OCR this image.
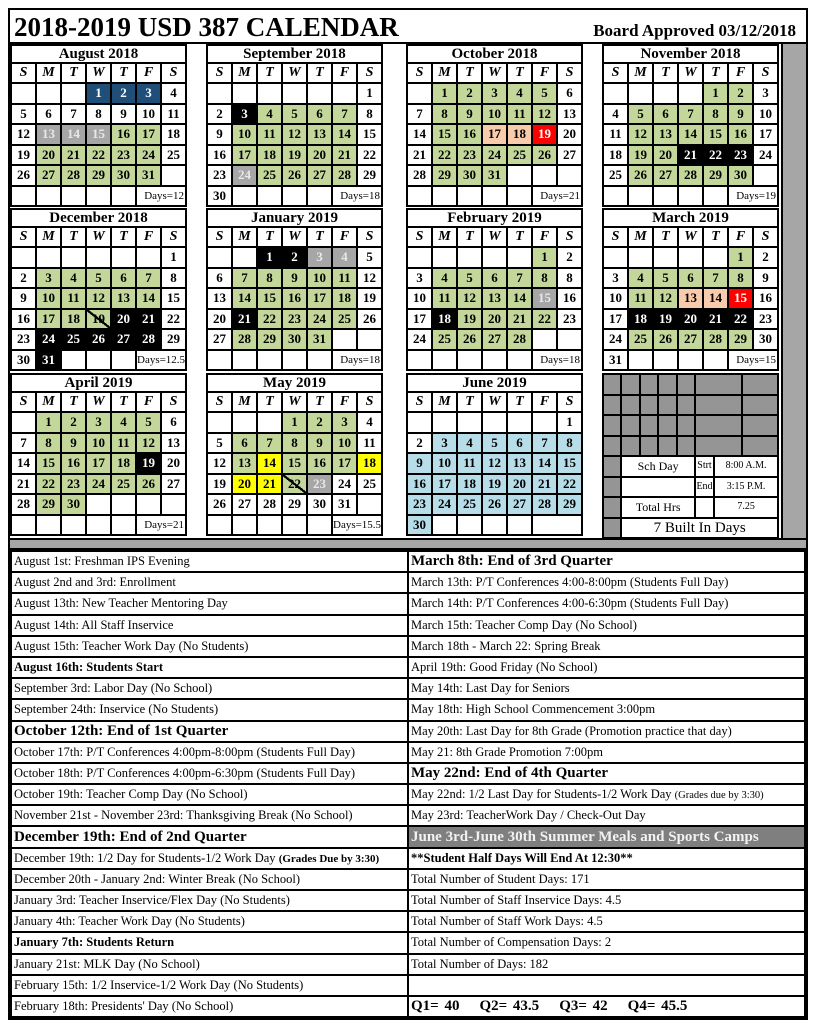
2018-2019 USD 387 CALENDAR	Board Approved 03/12/2018
August 2018						
S	M	T	W	T	F	S
			1	2	3	4
5	6	7	8	9	10	11
12	13	14	15	16	17	18
19	20	21	22	23	24	25
26	27	28	29	30	31	
					Days=12	
September 2018						
S	M	T	W	T	F	S
						1
2	3	4	5	6	7	8
9	10	11	12	13	14	15
16	17	18	19	20	21	22
23	24	25	26	27	28	29
30					Days=18	
October 2018						
S	M	T	W	T	F	S
	1	2	3	4	5	6
7	8	9	10	11	12	13
14	15	16	17	18	19	20
21	22	23	24	25	26	27
28	29	30	31			
					Days=21	
November 2018						
S	M	T	W	T	F	S
				1	2	3
4	5	6	7	8	9	10
11	12	13	14	15	16	17
18	19	20	21	22	23	24
25	26	27	28	29	30	
					Days=19	
December 2018						
S	M	T	W	T	F	S
						1
2	3	4	5	6	7	8
9	10	11	12	13	14	15
16	17	18	19	20	21	22
23	24	25	26	27	28	29
30	31				Days=12.5	
January 2019						
S	M	T	W	T	F	S
		1	2	3	4	5
6	7	8	9	10	11	12
13	14	15	16	17	18	19
20	21	22	23	24	25	26
27	28	29	30	31		
					Days=18	
February 2019						
S	M	T	W	T	F	S
					1	2
3	4	5	6	7	8	8
10	11	12	13	14	15	16
17	18	19	20	21	22	23
24	25	26	27	28		
					Days=18	
March 2019						
S	M	T	W	T	F	S
					1	2
3	4	5	6	7	8	9
10	11	12	13	14	15	16
17	18	19	20	21	22	23
24	25	26	27	28	29	30
31					Days=15	
April 2019						
S	M	T	W	T	F	S
	1	2	3	4	5	6
7	8	9	10	11	12	13
14	15	16	17	18	19	20
21	22	23	24	25	26	27
28	29	30				
					Days=21	
May 2019						
S	M	T	W	T	F	S
			1	2	3	4
5	6	7	8	9	10	11
12	13	14	15	16	17	18
19	20	21	22	23	24	25
26	27	28	29	30	31	
					Days=15.5	
June 2019						
S	M	T	W	T	F	S
						1
2	3	4	5	6	7	8
9	10	11	12	13	14	15
16	17	18	19	20	21	22
23	24	25	26	27	28	29
30						

	Sch Day	Strt	8:00 A.M.
		End	3:15 P.M.
	Total Hrs		7.25
	7 Built In Days		
August 1st: Freshman IPS Evening	March 8th: End of 3rd Quarter
August 2nd and 3rd: Enrollment	March 13th: P/T Conferences 4:00-8:00pm (Students Full Day)
August 13th: New Teacher Mentoring Day	March 14th: P/T Conferences 4:00-6:30pm (Students Full Day)
August 14th: All Staff Inservice	March 15th: Teacher Comp Day (No School)
August 15th: Teacher Work Day (No Students)	March 18th - March 22: Spring Break
August 16th: Students Start	April 19th: Good Friday (No School)
September 3rd: Labor Day (No School)	May 14th: Last Day for Seniors
September 24th: Inservice (No Students)	May 18th: High School Commencement 3:00pm
October 12th: End of 1st Quarter	May 20th: Last Day for 8th Grade (Promotion practice that day)
October 17th: P/T Conferences 4:00pm-8:00pm (Students Full Day)	May 21: 8th Grade Promotion 7:00pm
October 18th: P/T Conferences 4:00pm-6:30pm (Students Full Day)	May 22nd: End of 4th Quarter
October 19th: Teacher Comp Day (No School)	May 22nd: 1/2 Last Day for Students-1/2 Work Day (Grades due by 3:30)
November 21st - November 23rd: Thanksgiving Break (No School)	May 23rd: TeacherWork Day / Check-Out Day
December 19th: End of 2nd Quarter	June 3rd-June 30th Summer Meals and Sports Camps
December 19th: 1/2 Day for Students-1/2 Work Day (Grades Due by 3:30)	**Student Half Days Will End At 12:30**
December 20th - January 2nd: Winter Break (No School)	Total Number of Student Days: 171
January 3rd: Teacher Inservice/Flex Day (No Students)	Total Number of Staff Inservice Days: 4.5
January 4th: Teacher Work Day (No Students)	Total Number of Staff Work Days: 4.5
January 7th: Students Return	Total Number of Compensation Days: 2
January 21st: MLK Day (No School)	Total Number of Days: 182
February 15th: 1/2 Inservice-1/2 Work Day (No Students)	
February 18th: Presidents' Day (No School)	Q1= 40 Q2= 43.5 Q3= 42 Q4= 45.5
